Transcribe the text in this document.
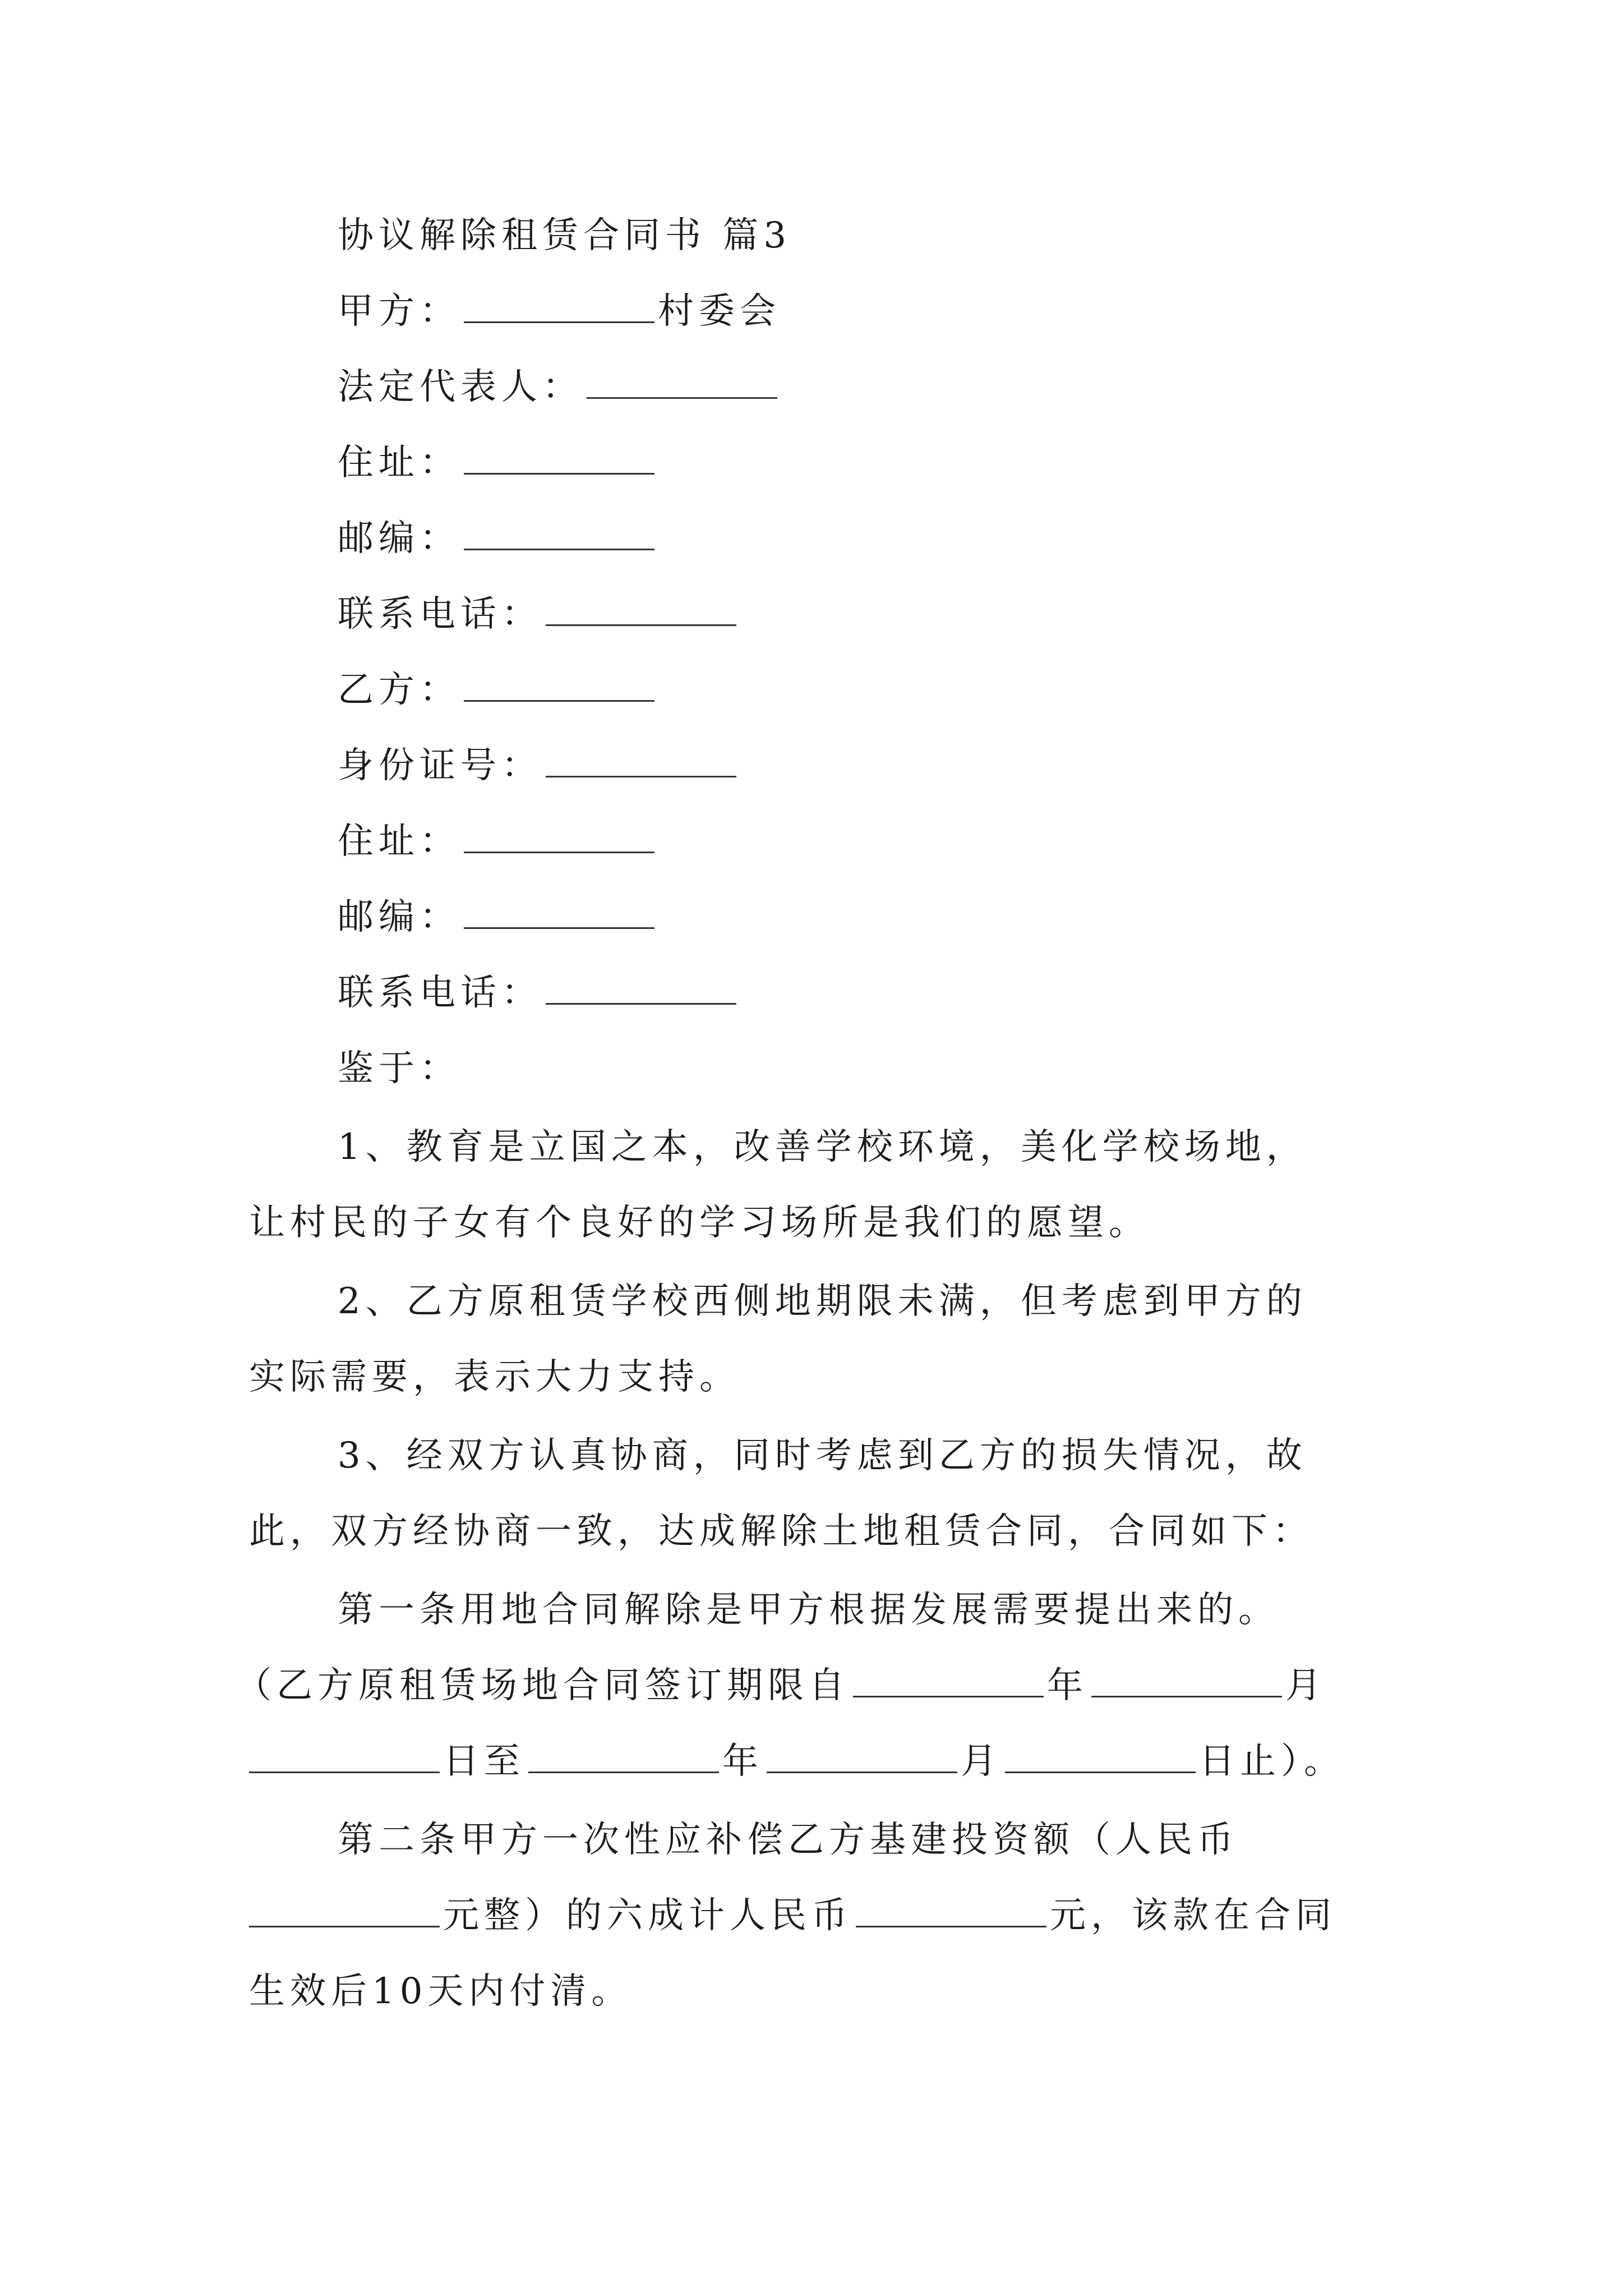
协议解除租赁合同书 篇3
甲方：	村委会
法定代表人：
住址：
邮编：
联系电话：
乙方：
身份证号：
住址：
邮编：
联系电话：
鉴于：
1、教育是立国之本，改善学校环境，美化学校场地，
让村民的子女有个良好的学习场所是我们的愿望。
2、乙方原租赁学校西侧地期限未满，但考虑到甲方的
实际需要，表示大力支持。
3、经双方认真协商，同时考虑到乙方的损失情况，故
此，双方经协商一致，达成解除土地租赁合同，合同如下：
第一条用地合同解除是甲方根据发展需要提出来的。
（乙方原租赁场地合同签订期限自	年	月
日至	年	月	日止）。
第二条甲方一次性应补偿乙方基建投资额（人民币
元整）的六成计人民币	元，该款在合同
生效后10天内付清。
